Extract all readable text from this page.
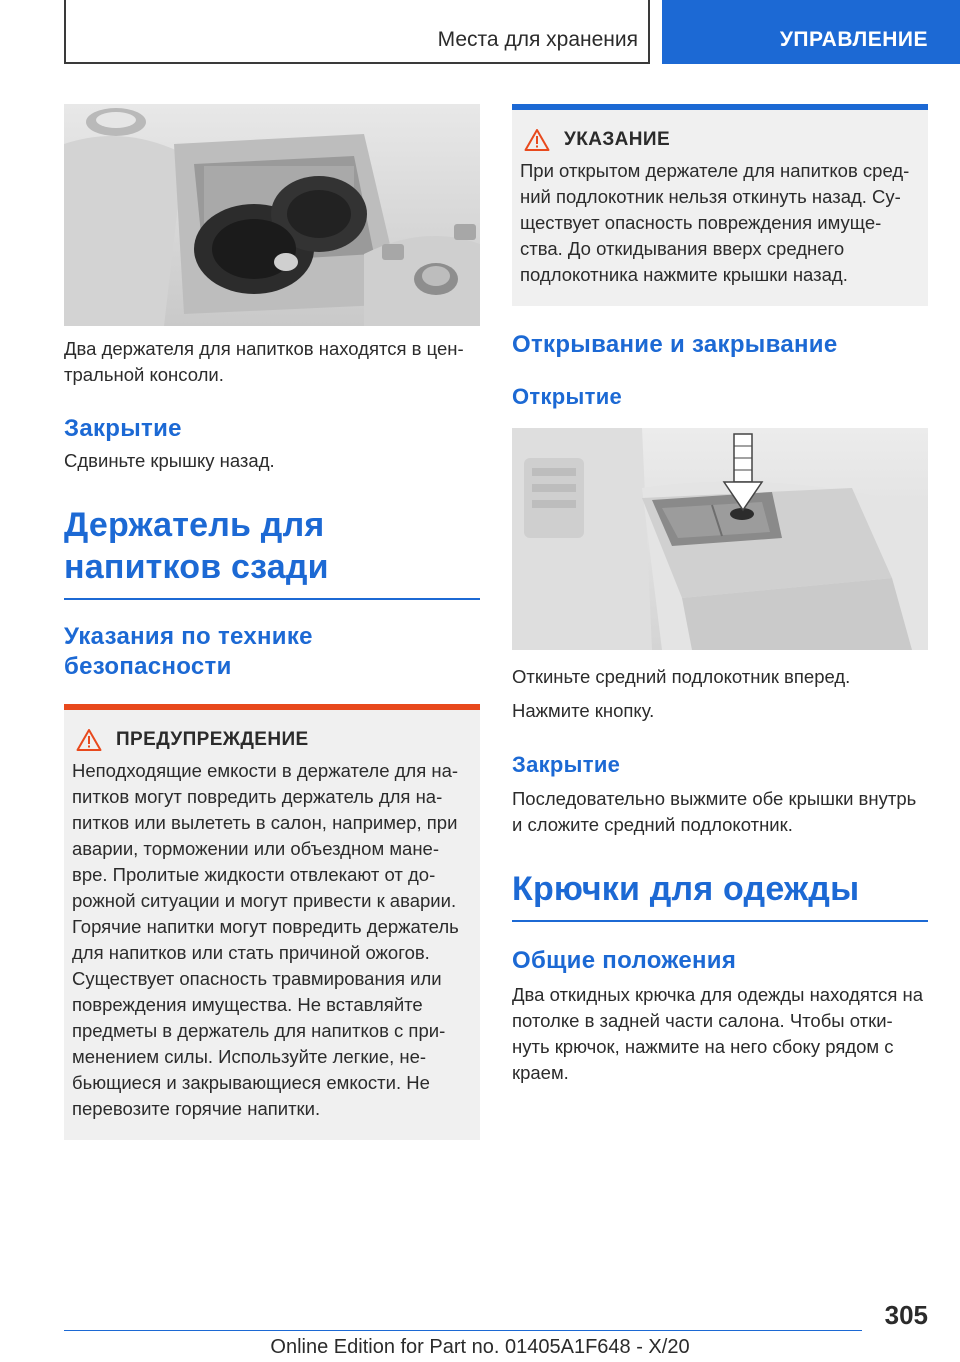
Места для хранения	УПРАВЛЕНИЕ

Два держателя для напитков находятся в цен-тральной консоли.

Закрытие

Сдвиньте крышку назад.

Держатель для напитков сзади
Указания по технике безопасности
ПРЕДУПРЕЖДЕНИЕ

Неподходящие емкости в держателе для на-питков могут повредить держатель для на-питков или вылететь в салон, например, при аварии, торможении или объездном мане-вре. Пролитые жидкости отвлекают от до-рожной ситуации и могут привести к аварии. Горячие напитки могут повредить держатель для напитков или стать причиной ожогов. Существует опасность травмирования или повреждения имущества. Не вставляйте предметы в держатель для напитков с при-менением силы. Используйте легкие, не-бьющиеся и закрывающиеся емкости. Не перевозите горячие напитки.

УКАЗАНИЕ

При открытом держателе для напитков сред-ний подлокотник нельзя откинуть назад. Су-ществует опасность повреждения имуще-ства. До откидывания вверх среднего подлокотника нажмите крышки назад.

Открывание и закрывание
Открытие

Откиньте средний подлокотник вперед.

Нажмите кнопку.

Закрытие

Последовательно выжмите обе крышки внутрь и сложите средний подлокотник.

Крючки для одежды
Общие положения

Два откидных крючка для одежды находятся на потолке в задней части салона. Чтобы отки-нуть крючок, нажмите на него сбоку рядом с краем.

305
Online Edition for Part no. 01405A1F648 - X/20
